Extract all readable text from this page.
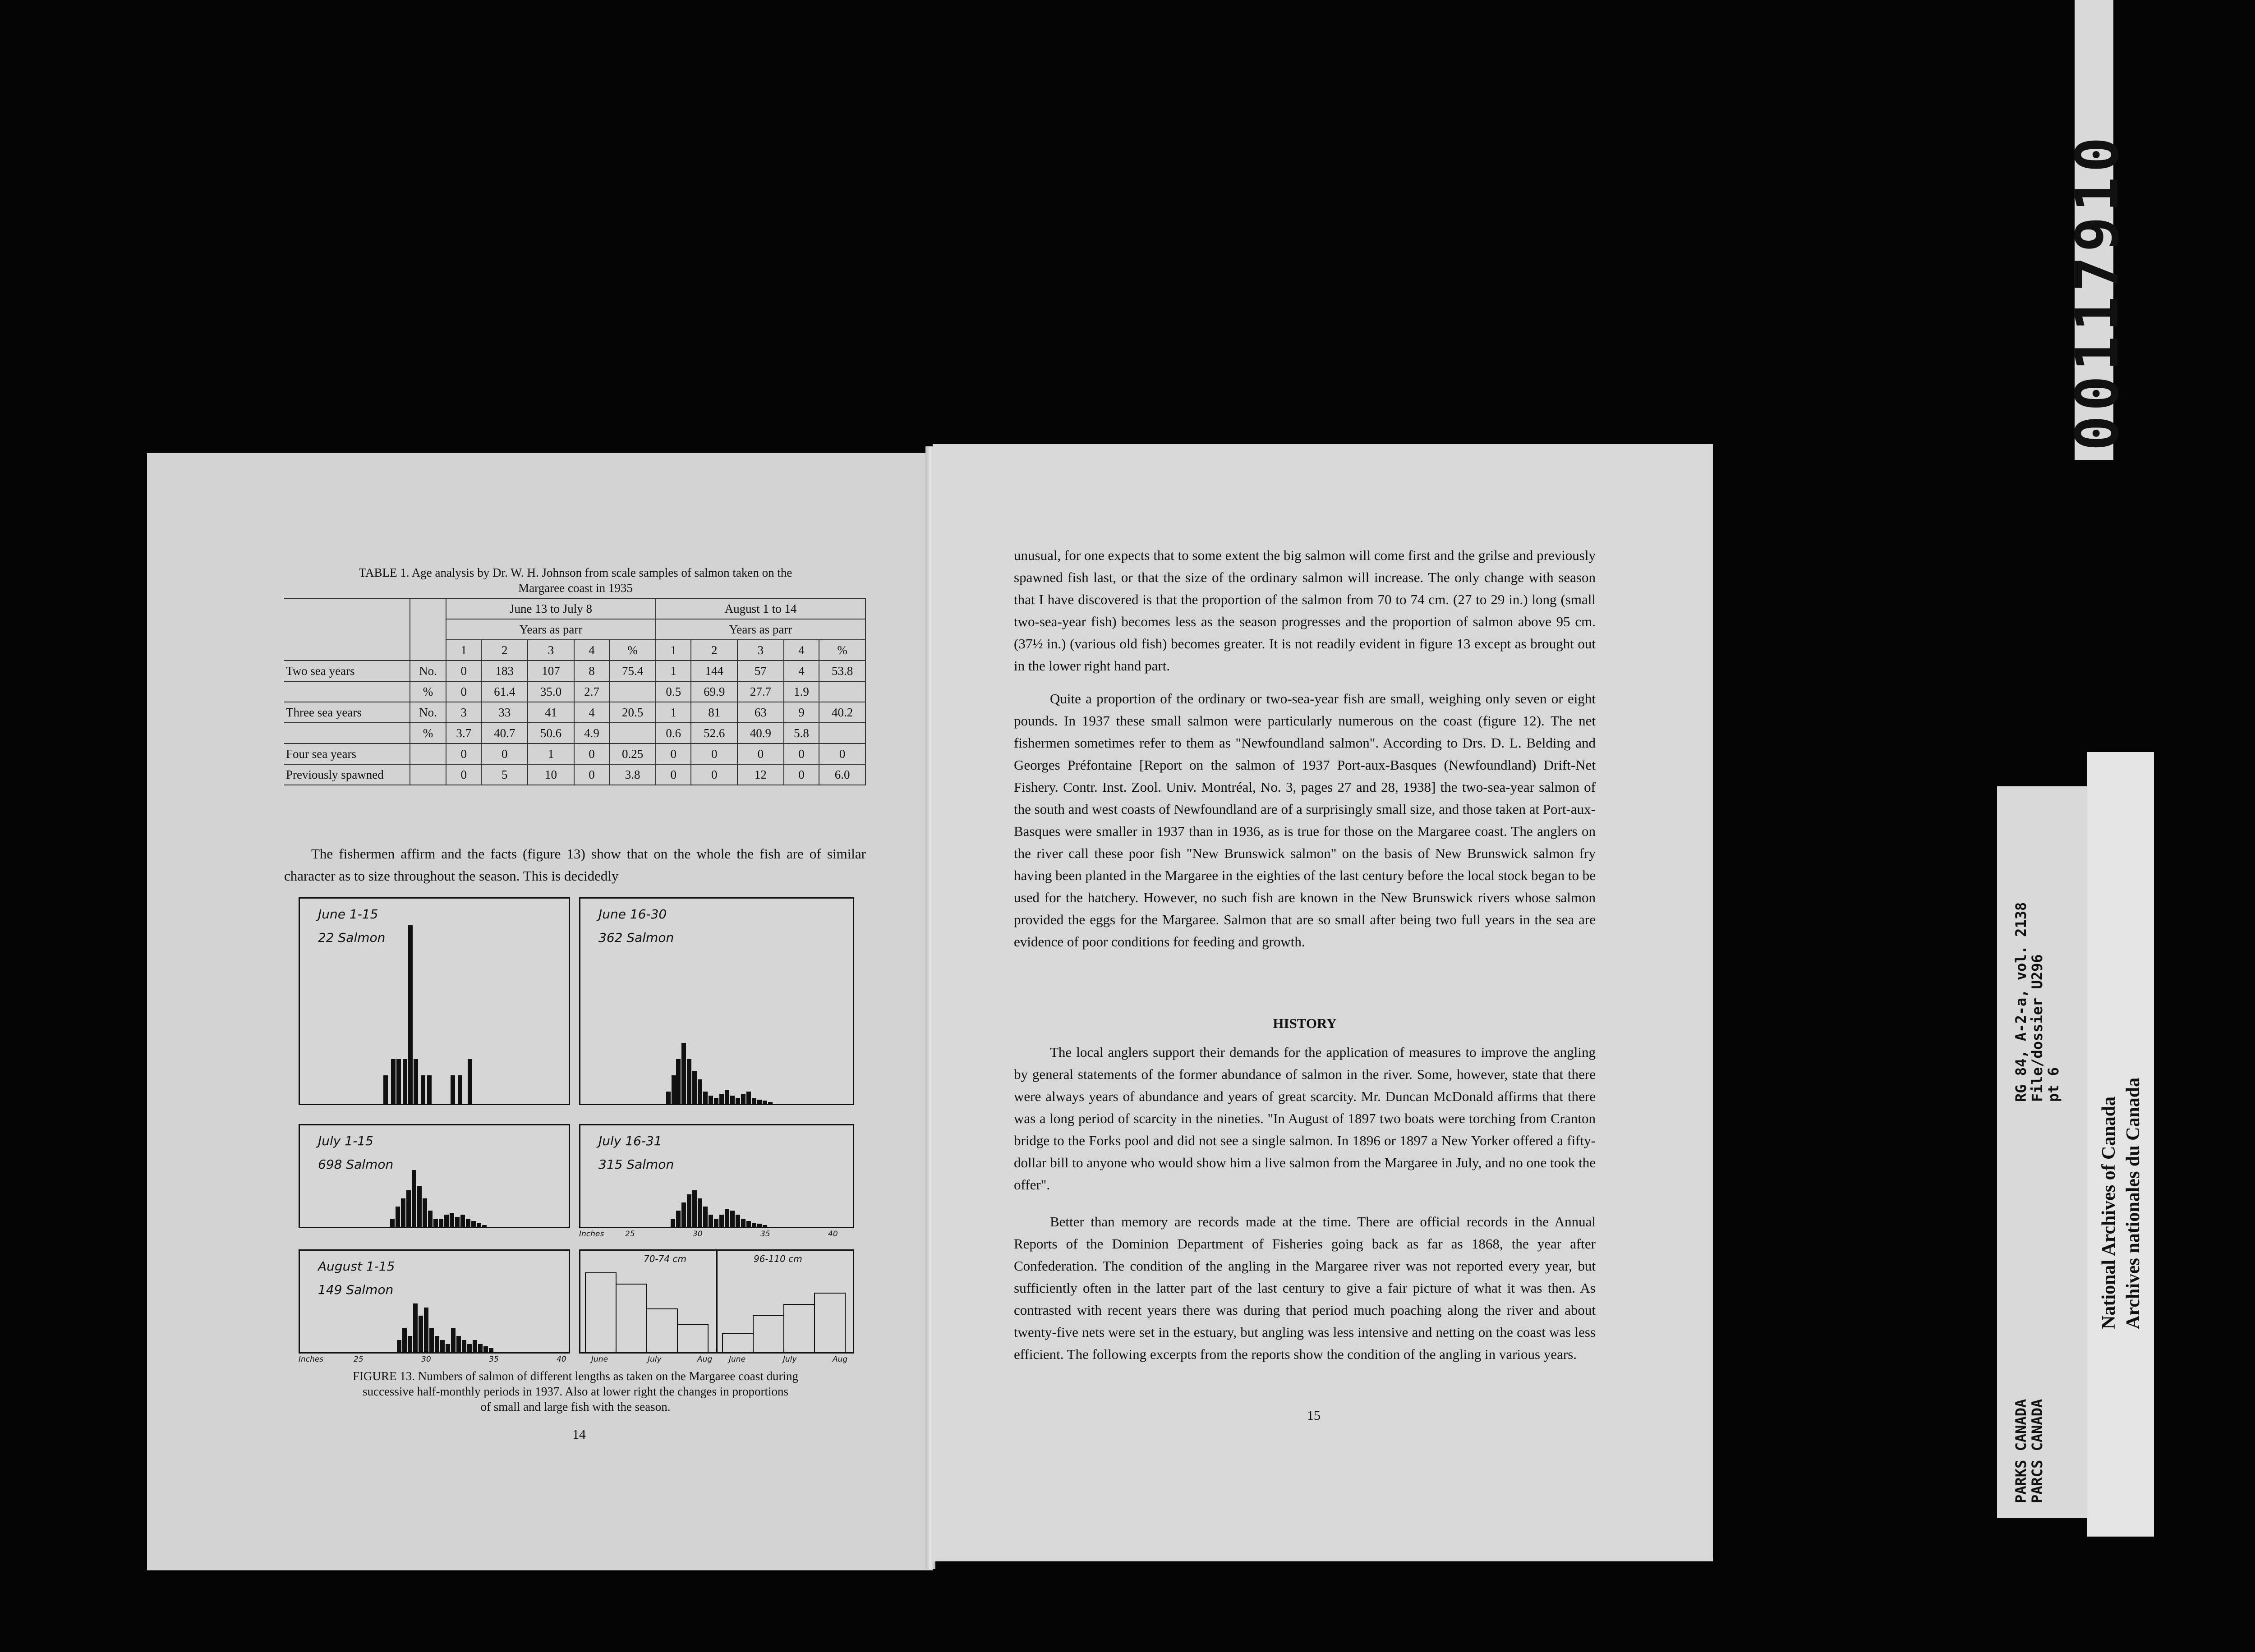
TABLE 1. Age analysis by Dr. W. H. Johnson from scale samples of salmon taken on the
Margaree coast in 1935
		June 13 to July 8					August 1 to 14				
		Years as parr					Years as parr				
		1	2	3	4	%	1	2	3	4	%
Two sea years	No.	0	183	107	8	75.4	1	144	57	4	53.8
	%	0	61.4	35.0	2.7		0.5	69.9	27.7	1.9	
Three sea years	No.	3	33	41	4	20.5	1	81	63	9	40.2
	%	3.7	40.7	50.6	4.9		0.6	52.6	40.9	5.8	
Four sea years		0	0	1	0	0.25	0	0	0	0	0
Previously spawned		0	5	10	0	3.8	0	0	12	0	6.0
The fishermen affirm and the facts (figure 13) show that on the whole the fish are of similar character as to size throughout the season. This is decidedly
June 1-15
22 Salmon
June 16-30
362 Salmon
July 1-15
698 Salmon
July 16-31
315 Salmon
Inches	25	30	35	40
August 1-15
149 Salmon
Inches	25	30	35	40
70-74 cm	96-110 cm
June	July	Aug June	July	Aug
FIGURE 13. Numbers of salmon of different lengths as taken on the Margaree coast during
successive half-monthly periods in 1937. Also at lower right the changes in proportions
of small and large fish with the season.
14
unusual, for one expects that to some extent the big salmon will come first and the grilse and previously spawned fish last, or that the size of the ordinary salmon will increase. The only change with season that I have discovered is that the proportion of the salmon from 70 to 74 cm. (27 to 29 in.) long (small two-sea-year fish) becomes less as the season progresses and the proportion of salmon above 95 cm. (37½ in.) (various old fish) becomes greater. It is not readily evident in figure 13 except as brought out in the lower right hand part.
Quite a proportion of the ordinary or two-sea-year fish are small, weighing only seven or eight pounds. In 1937 these small salmon were particularly numerous on the coast (figure 12). The net fishermen sometimes refer to them as "Newfoundland salmon". According to Drs. D. L. Belding and Georges Préfontaine [Report on the salmon of 1937 Port-aux-Basques (Newfoundland) Drift-Net Fishery. Contr. Inst. Zool. Univ. Montréal, No. 3, pages 27 and 28, 1938] the two-sea-year salmon of the south and west coasts of Newfoundland are of a surprisingly small size, and those taken at Port-aux-Basques were smaller in 1937 than in 1936, as is true for those on the Margaree coast. The anglers on the river call these poor fish "New Brunswick salmon" on the basis of New Brunswick salmon fry having been planted in the Margaree in the eighties of the last century before the local stock began to be used for the hatchery. However, no such fish are known in the New Brunswick rivers whose salmon provided the eggs for the Margaree. Salmon that are so small after being two full years in the sea are evidence of poor conditions for feeding and growth.
HISTORY
The local anglers support their demands for the application of measures to improve the angling by general statements of the former abundance of salmon in the river. Some, however, state that there were always years of abundance and years of great scarcity. Mr. Duncan McDonald affirms that there was a long period of scarcity in the nineties. "In August of 1897 two boats were torching from Cranton bridge to the Forks pool and did not see a single salmon. In 1896 or 1897 a New Yorker offered a fifty-dollar bill to anyone who would show him a live salmon from the Margaree in July, and no one took the offer".
Better than memory are records made at the time. There are official records in the Annual Reports of the Dominion Department of Fisheries going back as far as 1868, the year after Confederation. The condition of the angling in the Margaree river was not reported every year, but sufficiently often in the latter part of the last century to give a fair picture of what it was then. As contrasted with recent years there was during that period much poaching along the river and about twenty-five nets were set in the estuary, but angling was less intensive and netting on the coast was less efficient. The following excerpts from the reports show the condition of the angling in various years.
15
00117910
PARKS CANADA
PARCS CANADA
RG 84, A-2-a, vol. 2138
File/dossier U296
pt 6
National Archives of Canada Archives nationales du Canada
